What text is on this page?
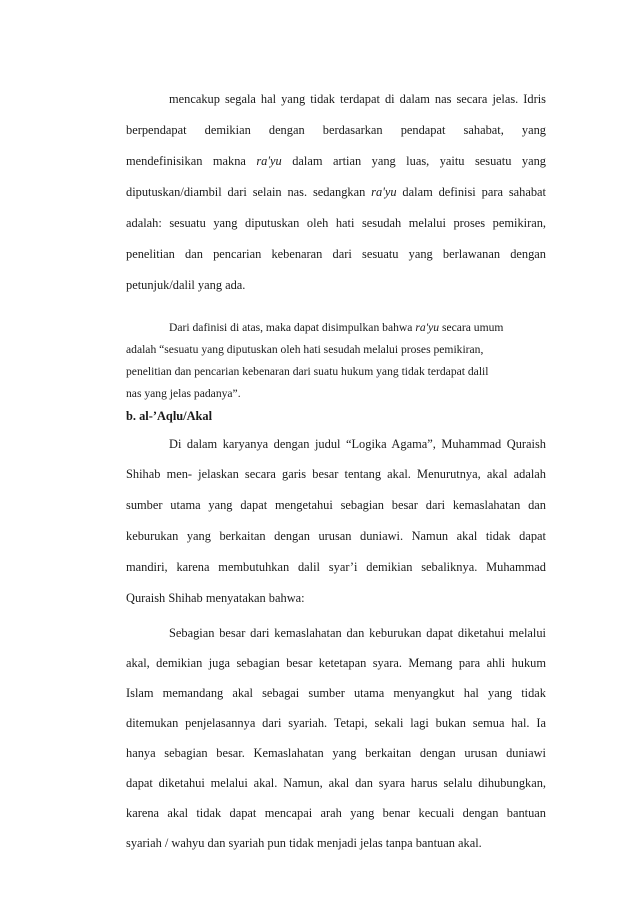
mencakup segala hal yang tidak terdapat di dalam nas secara jelas. Idris
berpendapat demikian dengan berdasarkan pendapat sahabat, yang
mendefinisikan makna ra'yu dalam artian yang luas, yaitu sesuatu yang
diputuskan/diambil dari selain nas. sedangkan ra'yu dalam definisi para sahabat
adalah: sesuatu yang diputuskan oleh hati sesudah melalui proses pemikiran,
penelitian dan pencarian kebenaran dari sesuatu yang berlawanan dengan
petunjuk/dalil yang ada.
Dari dafinisi di atas, maka dapat disimpulkan bahwa ra'yu secara umum
adalah “sesuatu yang diputuskan oleh hati sesudah melalui proses pemikiran,
penelitian dan pencarian kebenaran dari suatu hukum yang tidak terdapat dalil
nas yang jelas padanya”.
b. al-’Aqlu/Akal
Di dalam karyanya dengan judul “Logika Agama”, Muhammad Quraish
Shihab men- jelaskan secara garis besar tentang akal. Menurutnya, akal adalah
sumber utama yang dapat mengetahui sebagian besar dari kemaslahatan dan
keburukan yang berkaitan dengan urusan duniawi. Namun akal tidak dapat
mandiri, karena membutuhkan dalil syar’i demikian sebaliknya. Muhammad
Quraish Shihab menyatakan bahwa:
Sebagian besar dari kemaslahatan dan keburukan dapat diketahui melalui
akal, demikian juga sebagian besar ketetapan syara. Memang para ahli hukum
Islam memandang akal sebagai sumber utama menyangkut hal yang tidak
ditemukan penjelasannya dari syariah. Tetapi, sekali lagi bukan semua hal. Ia
hanya sebagian besar. Kemaslahatan yang berkaitan dengan urusan duniawi
dapat diketahui melalui akal. Namun, akal dan syara harus selalu dihubungkan,
karena akal tidak dapat mencapai arah yang benar kecuali dengan bantuan
syariah / wahyu dan syariah pun tidak menjadi jelas tanpa bantuan akal.
